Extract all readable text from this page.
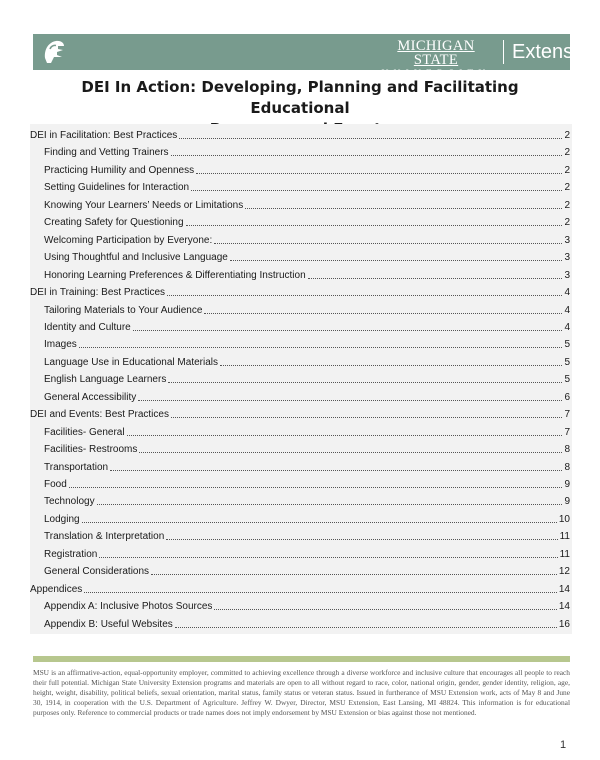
MICHIGAN STATE
UNIVERSITY
Extension
DEI In Action: Developing, Planning and Facilitating Educational
DEI in Facilitation: Best Practices	2
Finding and Vetting Trainers	2
Practicing Humility and Openness	2
Setting Guidelines for Interaction	2
Knowing Your Learners’ Needs or Limitations	2
Creating Safety for Questioning	2
Welcoming Participation by Everyone:	3
Using Thoughtful and Inclusive Language	3
Honoring Learning Preferences & Differentiating Instruction	3
DEI in Training: Best Practices	4
Tailoring Materials to Your Audience	4
Identity and Culture	4
Images	5
Language Use in Educational Materials	5
English Language Learners	5
General Accessibility	6
DEI and Events: Best Practices	7
Facilities- General	7
Facilities- Restrooms	8
Transportation	8
Food	9
Technology	9
Lodging	10
Translation & Interpretation	11
Registration	11
General Considerations	12
Appendices	14
Appendix A: Inclusive Photos Sources	14
Appendix B: Useful Websites	16
MSU is an affirmative-action, equal-opportunity employer, committed to achieving excellence through a diverse workforce and inclusive culture that encourages all people to reach their full potential. Michigan State University Extension programs and materials are open to all without regard to race, color, national origin, gender, gender identity, religion, age, height, weight, disability, political beliefs, sexual orientation, marital status, family status or veteran status. Issued in furtherance of MSU Extension work, acts of May 8 and June 30, 1914, in cooperation with the U.S. Department of Agriculture. Jeffrey W. Dwyer, Director, MSU Extension, East Lansing, MI 48824. This information is for educational purposes only. Reference to commercial products or trade names does not imply endorsement by MSU Extension or bias against those not mentioned.
1
